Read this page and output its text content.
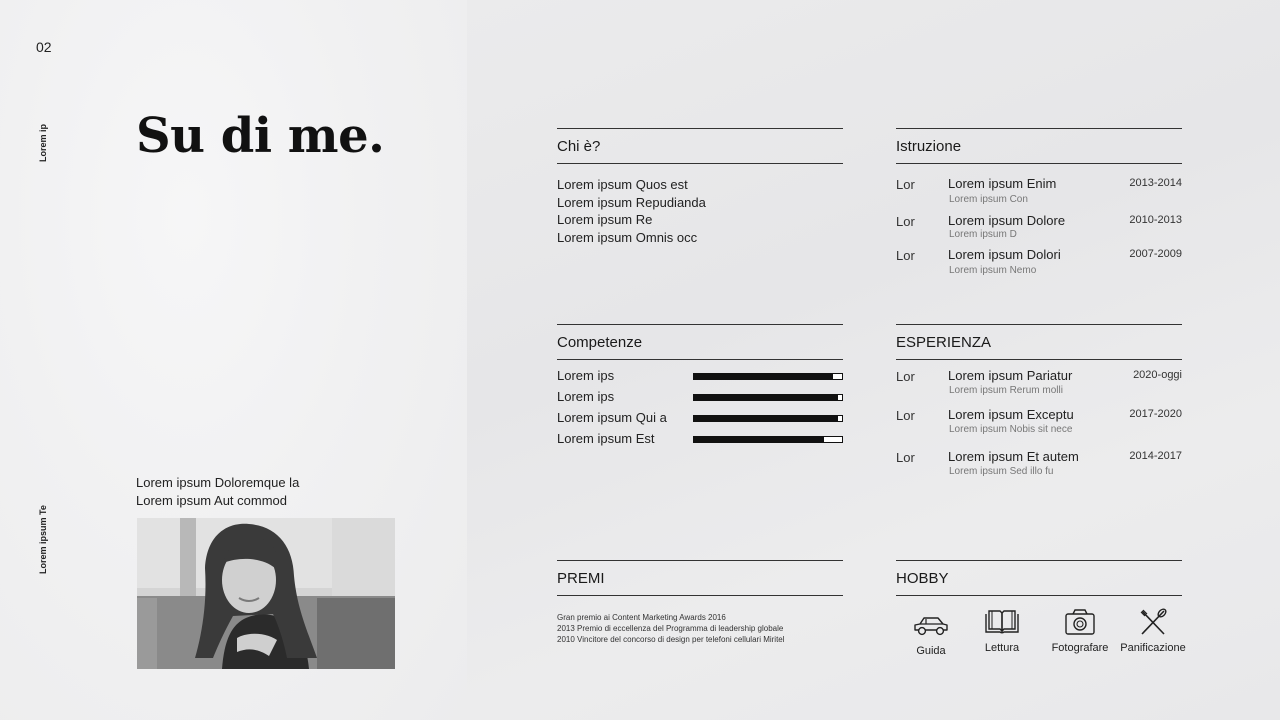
02
Lorem ip
Lorem ipsum Te
Su di me.
Lorem ipsum Doloremque la
Lorem ipsum Aut commod
Chi è?
Lorem ipsum Quos est
Lorem ipsum Repudianda
Lorem ipsum Re
Lorem ipsum Omnis occ
Istruzione
Lor	Lorem ipsum Enim
Lorem ipsum Con
2013-2014
Lor	Lorem ipsum Dolore
Lorem ipsum D
2010-2013
Lor	Lorem ipsum Dolori
Lorem ipsum Nemo
2007-2009
Competenze
Lorem ips
Lorem ips
Lorem ipsum Qui a
Lorem ipsum Est
ESPERIENZA
Lor	Lorem ipsum Pariatur
Lorem ipsum Rerum molli
2020-oggi
Lor	Lorem ipsum Exceptu
Lorem ipsum Nobis sit nece
2017-2020
Lor	Lorem ipsum Et autem
Lorem ipsum Sed illo fu
2014-2017
PREMI
Gran premio ai Content Marketing Awards 2016
2013 Premio di eccellenza del Programma di leadership globale
2010 Vincitore del concorso di design per telefoni cellulari Miritel
HOBBY
Guida	Lettura	Fotografare Panificazione
